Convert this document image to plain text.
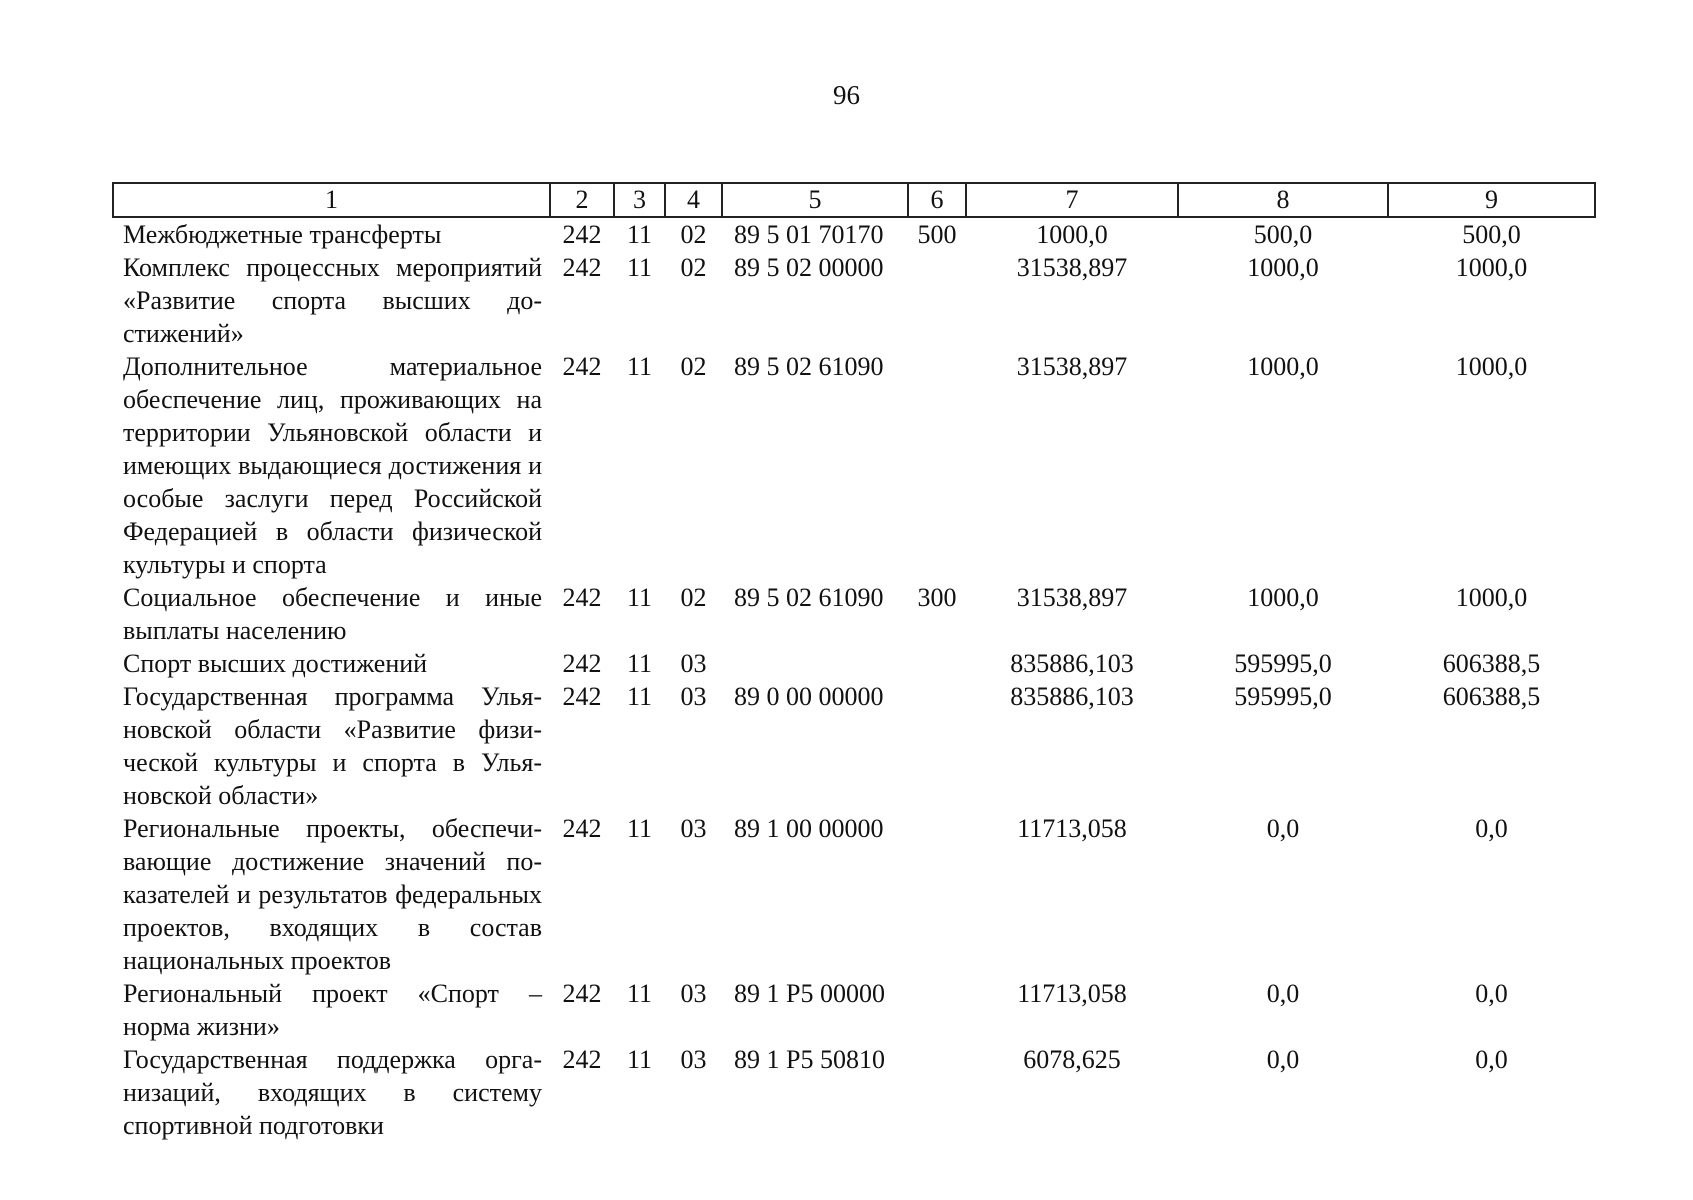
96
1	2	3	4	5	6	7	8	9
Межбюджетные трансферты	242	11	02	89 5 01 70170	500	1000,0	500,0	500,0
Комплекс процессных мероприятий «Развитие спорта высших достижений»	242	11	02	89 5 02 00000		31538,897	1000,0	1000,0
Дополнительное материальное обеспечение лиц, проживающих на территории Ульяновской области и имеющих выдающиеся достижения и особые заслуги перед Российской Федерацией в области физической культуры и спорта	242	11	02	89 5 02 61090		31538,897	1000,0	1000,0
Социальное обеспечение и иные выплаты населению	242	11	02	89 5 02 61090	300	31538,897	1000,0	1000,0
Спорт высших достижений	242	11	03			835886,103	595995,0	606388,5
Государственная программа Ульяновской области «Развитие физической культуры и спорта в Ульяновской области»	242	11	03	89 0 00 00000		835886,103	595995,0	606388,5
Региональные проекты, обеспечивающие достижение значений показателей и результатов федеральных проектов, входящих в состав национальных проектов	242	11	03	89 1 00 00000		11713,058	0,0	0,0
Региональный проект «Спорт – норма жизни»	242	11	03	89 1 P5 00000		11713,058	0,0	0,0
Государственная поддержка организаций, входящих в систему спортивной подготовки	242	11	03	89 1 P5 50810		6078,625	0,0	0,0
